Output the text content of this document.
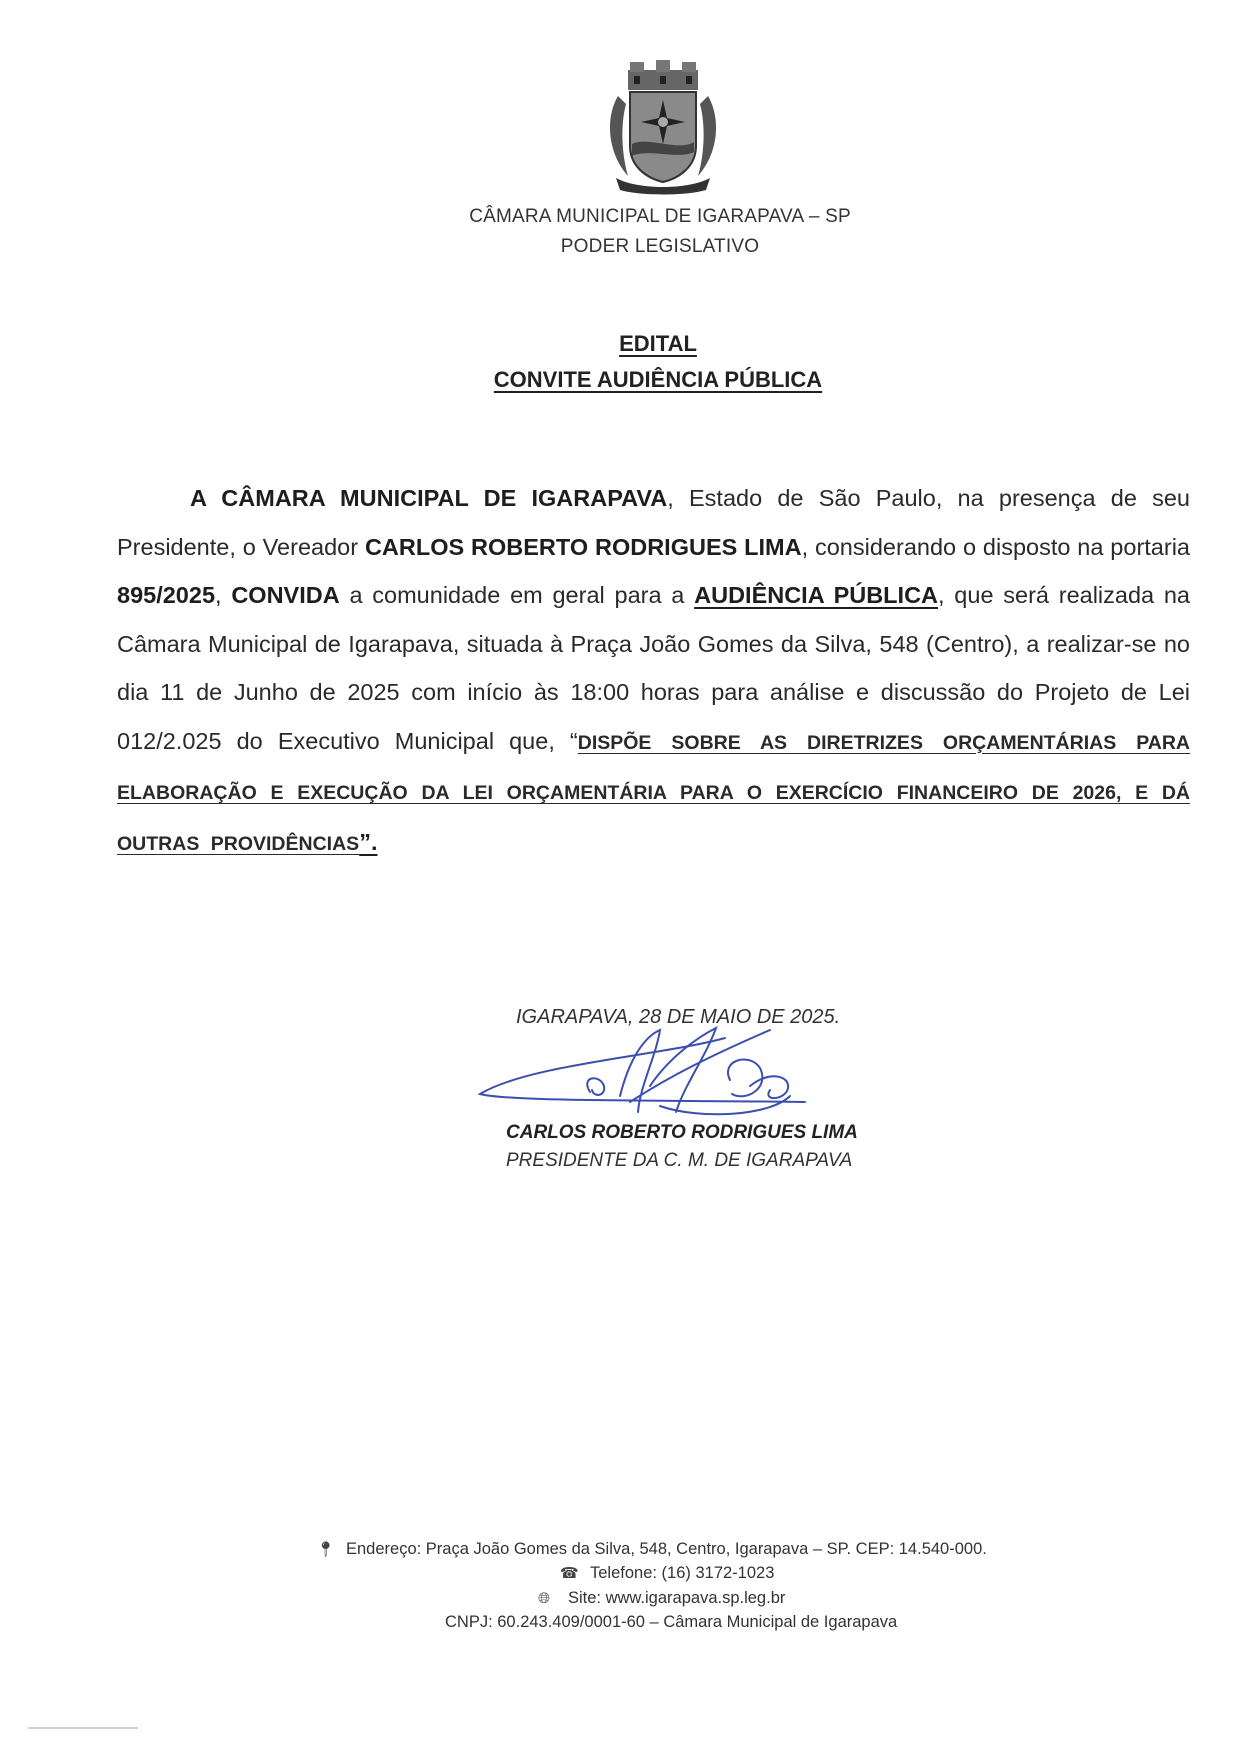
CÂMARA MUNICIPAL DE IGARAPAVA – SP
PODER LEGISLATIVO
EDITAL
CONVITE AUDIÊNCIA PÚBLICA

A CÂMARA MUNICIPAL DE IGARAPAVA, Estado de São Paulo, na presença de seu Presidente, o Vereador CARLOS ROBERTO RODRIGUES LIMA, considerando o disposto na portaria 895/2025, CONVIDA a comunidade em geral para a AUDIÊNCIA PÚBLICA, que será realizada na Câmara Municipal de Igarapava, situada à Praça João Gomes da Silva, 548 (Centro), a realizar-se no dia 11 de Junho de 2025 com início às 18:00 horas para análise e discussão do Projeto de Lei 012/2.025 do Executivo Municipal que, “DISPÕE SOBRE AS DIRETRIZES ORÇAMENTÁRIAS PARA ELABORAÇÃO E EXECUÇÃO DA LEI ORÇAMENTÁRIA PARA O EXERCÍCIO FINANCEIRO DE 2026, E DÁ OUTRAS PROVIDÊNCIAS”.

IGARAPAVA, 28 DE MAIO DE 2025.
CARLOS ROBERTO RODRIGUES LIMA
PRESIDENTE DA C. M. DE IGARAPAVA
📍︎ Endereço: Praça João Gomes da Silva, 548, Centro, Igarapava – SP. CEP: 14.540-000.
☎ Telefone: (16) 3172-1023
🌐︎ Site: www.igarapava.sp.leg.br
CNPJ: 60.243.409/0001-60 – Câmara Municipal de Igarapava
